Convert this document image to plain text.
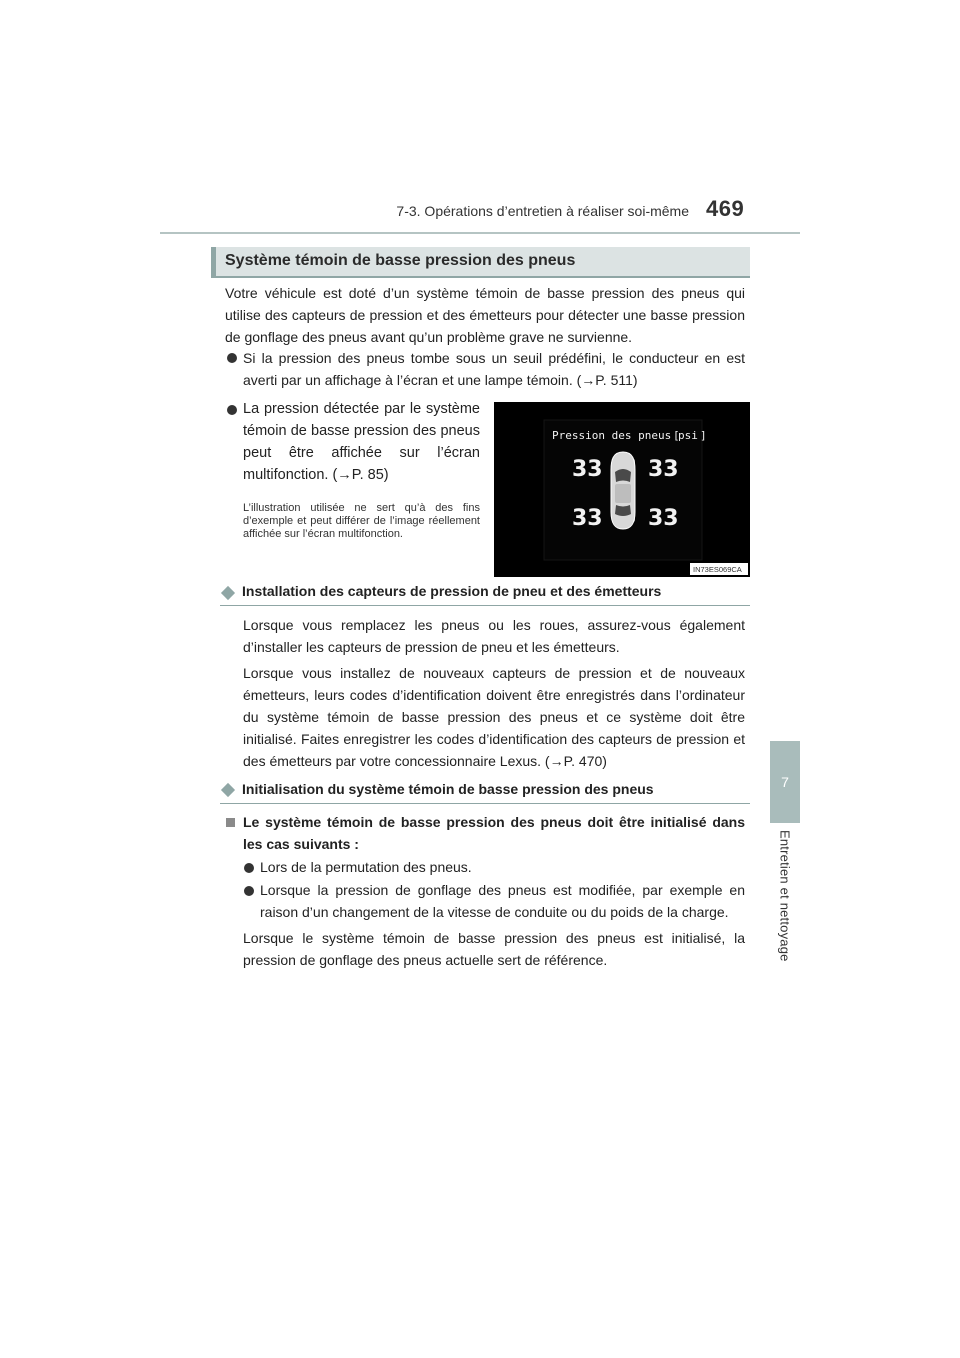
7-3. Opérations d’entretien à réaliser soi-même 469
7
Entretien et nettoyage
Système témoin de basse pression des pneus

Votre véhicule est doté d’un système témoin de basse pression des pneus qui utilise des capteurs de pression et des émetteurs pour détecter une basse pression de gonflage des pneus avant qu’un problème grave ne survienne.

Si la pression des pneus tombe sous un seuil prédéfini, le conducteur en est averti par un affichage à l’écran et une lampe témoin. (→P. 511)

La pression détectée par le système témoin de basse pression des pneus peut être affichée sur l’écran multifonction. (→P. 85)

L’illustration utilisée ne sert qu’à des fins d’exemple et peut différer de l’image réellement affichée sur l’écran multifonction.

Pression des pneus [
psi ]
33 33
33 33
IN73ES069CA
Installation des capteurs de pression de pneu et des émetteurs

Lorsque vous remplacez les pneus ou les roues, assurez-vous également d’installer les capteurs de pression de pneu et les émetteurs.

Lorsque vous installez de nouveaux capteurs de pression et de nouveaux émetteurs, leurs codes d’identification doivent être enregistrés dans l’ordinateur du système témoin de basse pression des pneus et ce système doit être initialisé. Faites enregistrer les codes d’identification des capteurs de pression et des émetteurs par votre concessionnaire Lexus. (→P. 470)

Initialisation du système témoin de basse pression des pneus

Le système témoin de basse pression des pneus doit être initialisé dans les cas suivants :

Lors de la permutation des pneus.

Lorsque la pression de gonflage des pneus est modifiée, par exemple en raison d’un changement de la vitesse de conduite ou du poids de la charge.

Lorsque le système témoin de basse pression des pneus est initialisé, la pression de gonflage des pneus actuelle sert de référence.
